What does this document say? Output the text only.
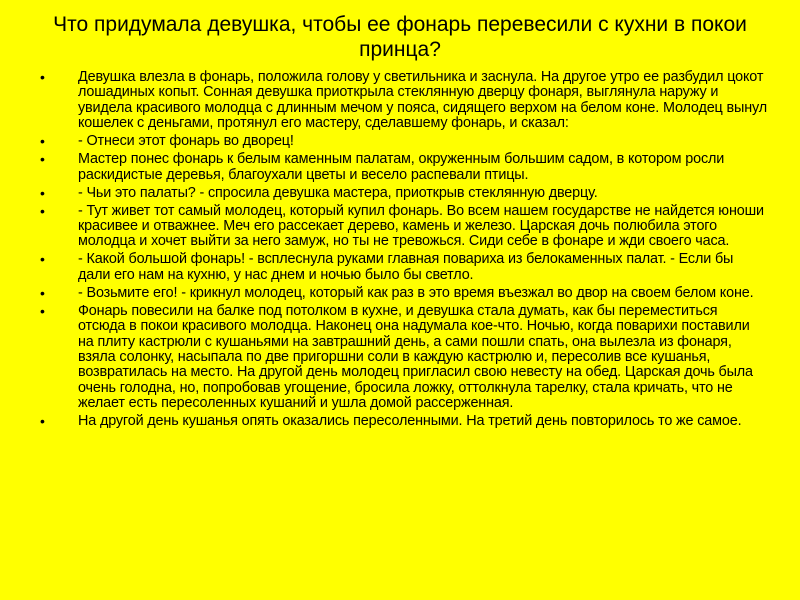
Что придумала девушка, чтобы ее фонарь перевесили с кухни в покои принца?
• Девушка влезла в фонарь, положила голову у светильника и заснула. На другое утро ее разбудил цокот лошадиных копыт. Сонная девушка приоткрыла стеклянную дверцу фонаря, выглянула наружу и увидела красивого молодца с длинным мечом у пояса, сидящего верхом на белом коне. Молодец вынул кошелек с деньгами, протянул его мастеру, сделавшему фонарь, и сказал:
• - Отнеси этот фонарь во дворец!
• Мастер понес фонарь к белым каменным палатам, окруженным большим садом, в котором росли раскидистые деревья, благоухали цветы и весело распевали птицы.
• - Чьи это палаты? - спросила девушка мастера, приоткрыв стеклянную дверцу.
• - Тут живет тот самый молодец, который купил фонарь. Во всем нашем государстве не найдется юноши красивее и отважнее. Меч его рассекает дерево, камень и железо. Царская дочь полюбила этого молодца и хочет выйти за него замуж, но ты не тревожься. Сиди себе в фонаре и жди своего часа.
• - Какой большой фонарь! - всплеснула руками главная повариха из белокаменных палат. - Если бы дали его нам на кухню, у нас днем и ночью было бы светло.
• - Возьмите его! - крикнул молодец, который как раз в это время въезжал во двор на своем белом коне.
• Фонарь повесили на балке под потолком в кухне, и девушка стала думать, как бы переместиться отсюда в покои красивого молодца. Наконец она надумала кое-что. Ночью, когда поварихи поставили на плиту кастрюли с кушаньями на завтрашний день, а сами пошли спать, она вылезла из фонаря, взяла солонку, насыпала по две пригоршни соли в каждую кастрюлю и, пересолив все кушанья, возвратилась на место. На другой день молодец пригласил свою невесту на обед. Царская дочь была очень голодна, но, попробовав угощение, бросила ложку, оттолкнула тарелку, стала кричать, что не желает есть пересоленных кушаний и ушла домой рассерженная.
• На другой день кушанья опять оказались пересоленными. На третий день повторилось то же самое.
